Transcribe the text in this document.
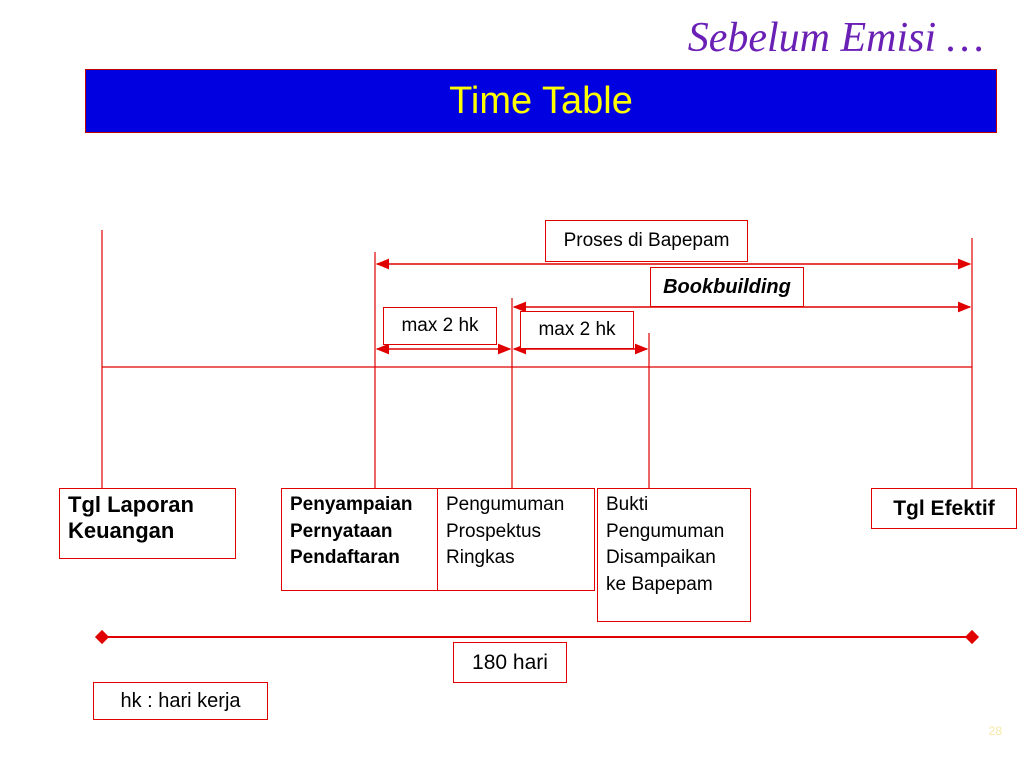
Sebelum Emisi …
Time Table
Proses di Bapepam
Bookbuilding
max 2 hk	max 2 hk
Tgl Laporan
Keuangan
Penyampaian
Pernyataan
Pendaftaran
Pengumuman
Prospektus
Ringkas
Bukti
Pengumuman
Disampaikan
ke Bapepam
Tgl Efektif
180 hari
hk : hari kerja
28
